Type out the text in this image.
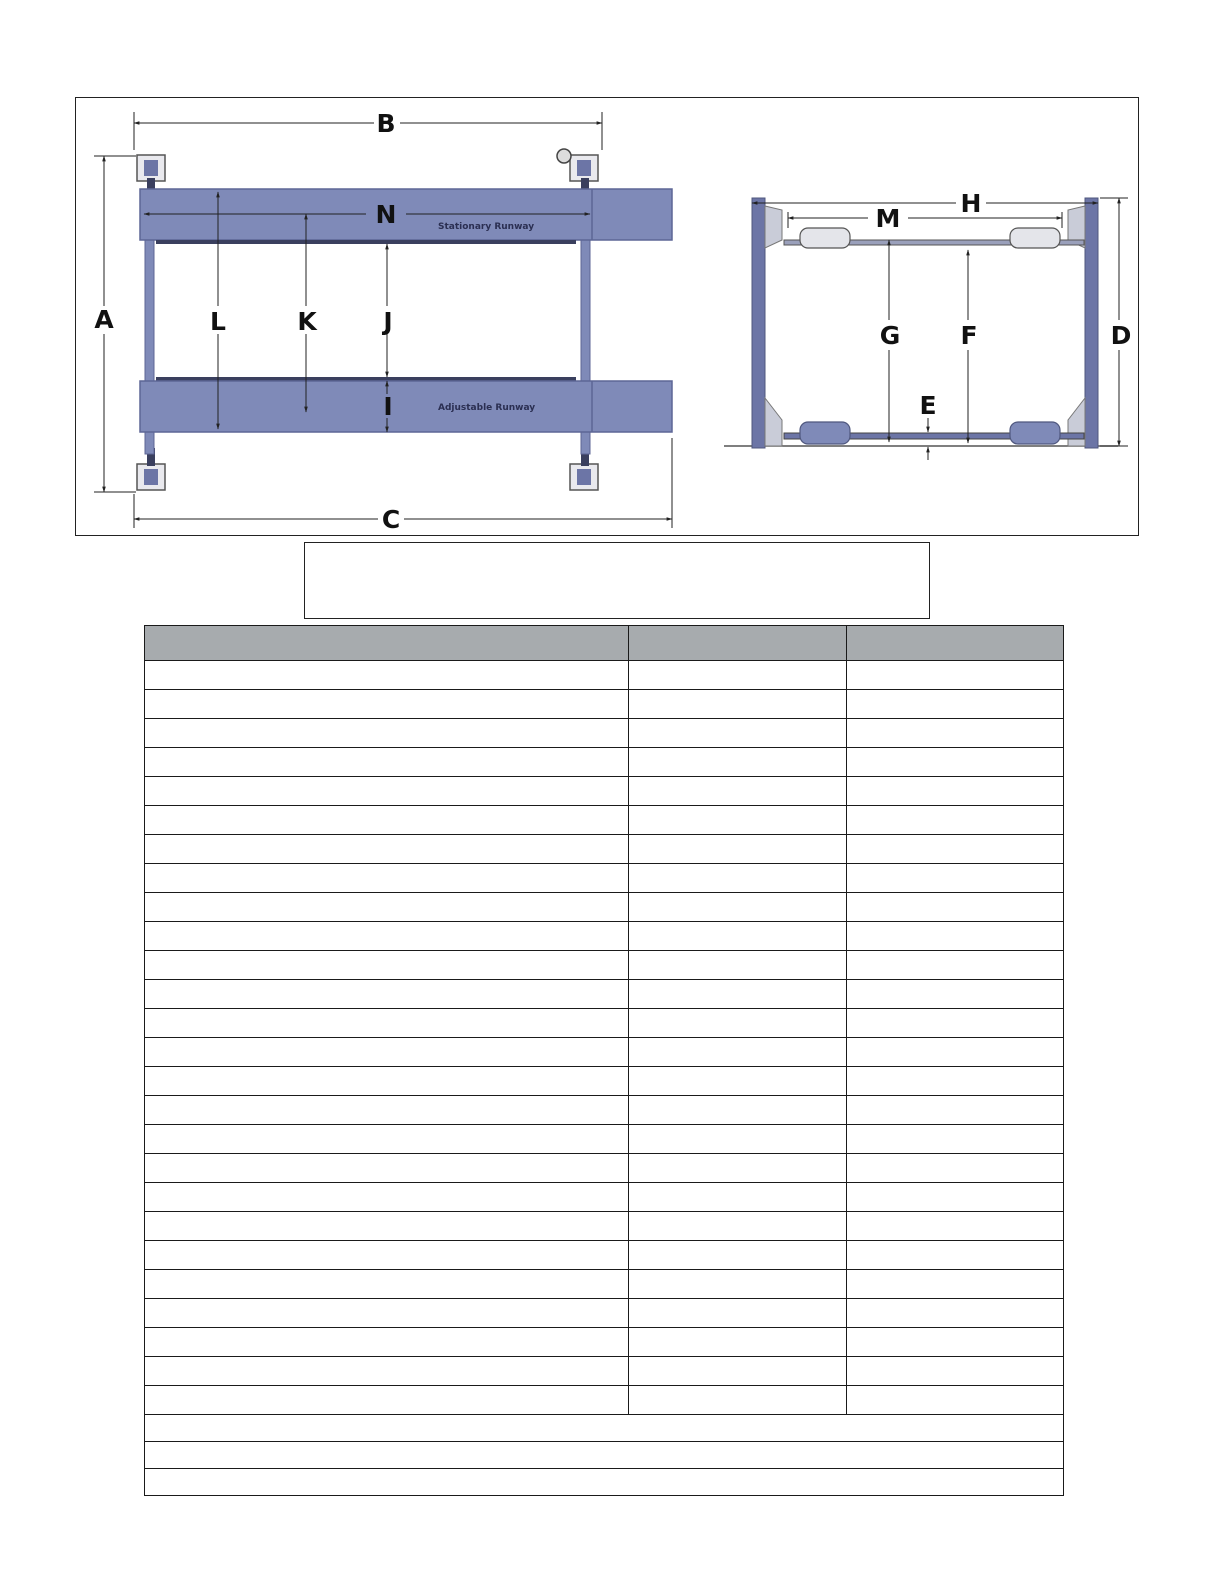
Stationary Runway
Adjustable Runway
B
C
A
N
L	K	J
I
H
M
D
G F
E
